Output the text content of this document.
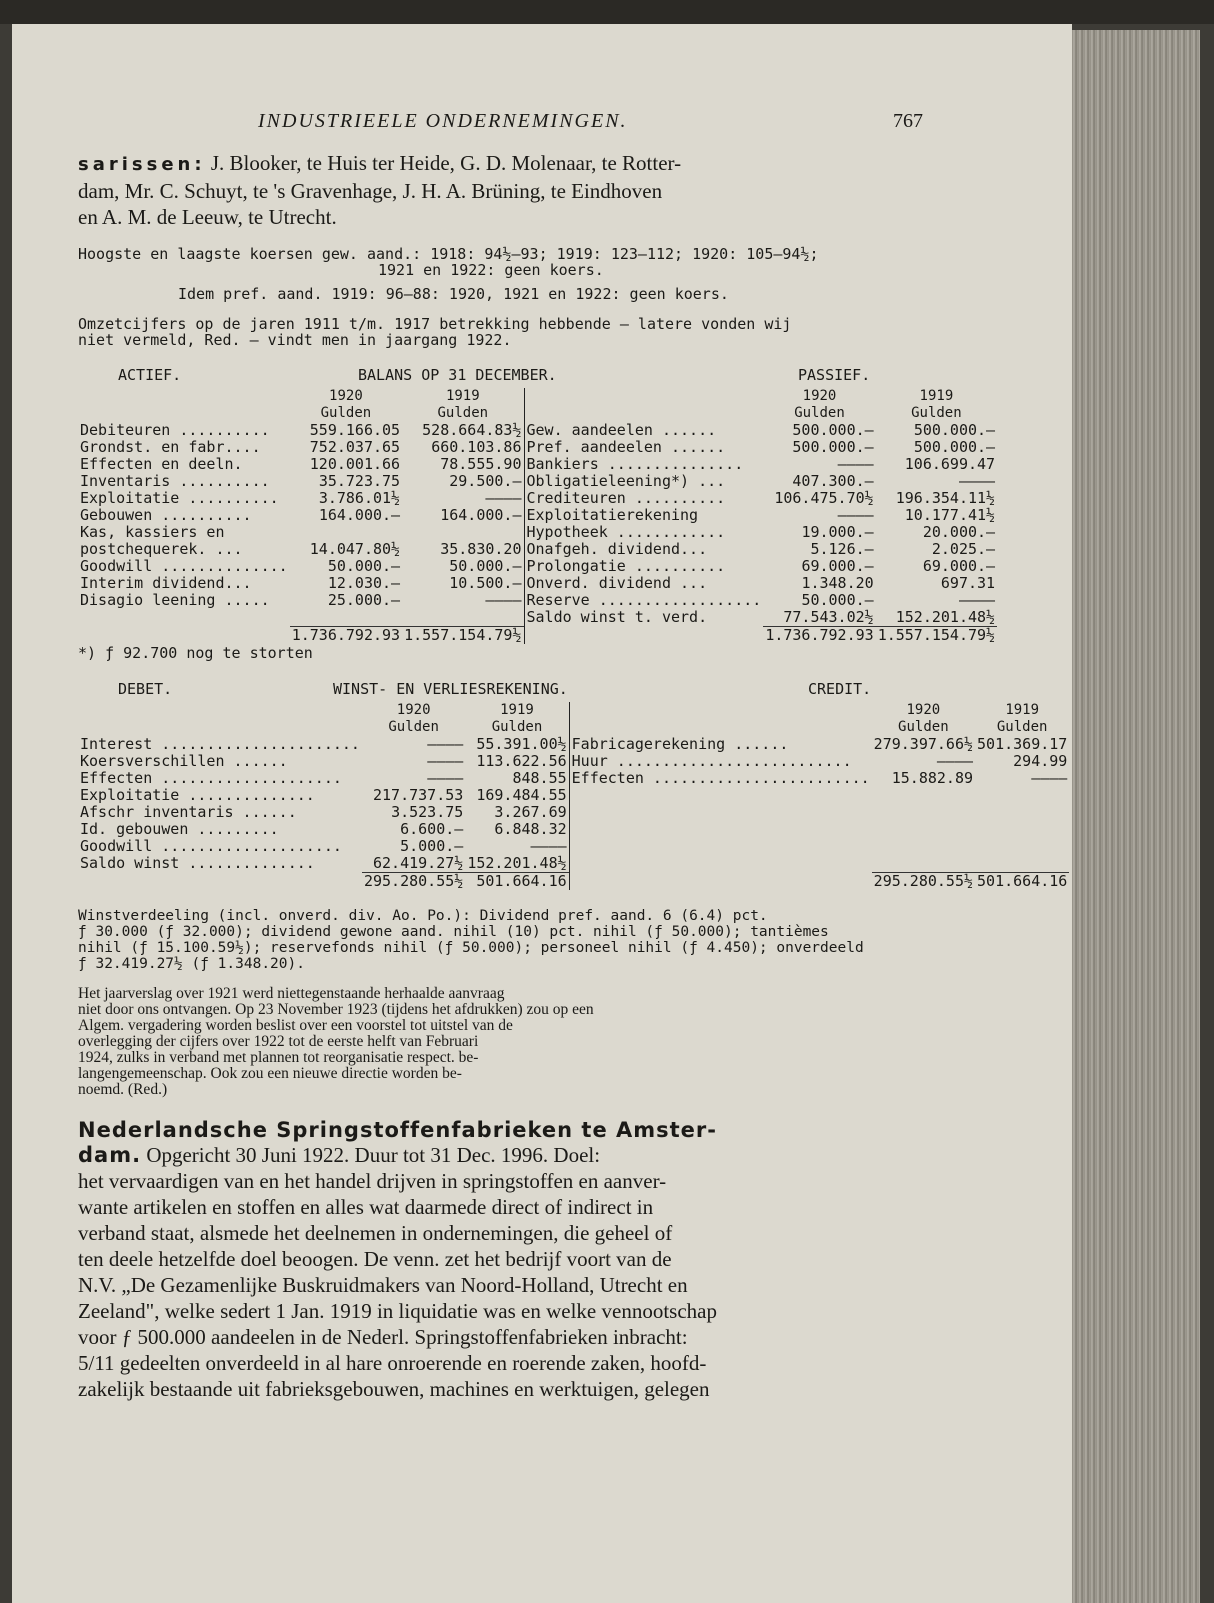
INDUSTRIEELE ONDERNEMINGEN.	767
sarissen: J. Blooker, te Huis ter Heide, G. D. Molenaar, te Rotter-
dam, Mr. C. Schuyt, te 's Gravenhage, J. H. A. Brüning, te Eindhoven
en A. M. de Leeuw, te Utrecht.
Hoogste en laagste koersen gew. aand.: 1918: 94½—93; 1919: 123—112; 1920: 105—94½;
1921 en 1922: geen koers.
Idem pref. aand. 1919: 96—88: 1920, 1921 en 1922: geen koers.
Omzetcijfers op de jaren 1911 t/m. 1917 betrekking hebbende — latere vonden wij
niet vermeld, Red. — vindt men in jaargang 1922.
ACTIEF.	BALANS OP 31 DECEMBER.	PASSIEF.
	1920	1919		1920	1919
	Gulden	Gulden		Gulden	Gulden
Debiteuren ..........	559.166.05	528.664.83½	Gew. aandeelen ......	500.000.—	500.000.—
Grondst. en fabr....	752.037.65	660.103.86	Pref. aandeelen ......	500.000.—	500.000.—
Effecten en deeln.	120.001.66	78.555.90	Bankiers ...............	————	106.699.47
Inventaris ..........	35.723.75	29.500.—	Obligatieleening*) ...	407.300.—	————
Exploitatie ..........	3.786.01½	————	Crediteuren ..........	106.475.70½	196.354.11½
Gebouwen ..........	164.000.—	164.000.—	Exploitatierekening	————	10.177.41½
Kas, kassiers en			Hypotheek ............	19.000.—	20.000.—
postchequerek. ...	14.047.80½	35.830.20	Onafgeh. dividend...	5.126.—	2.025.—
Goodwill ..............	50.000.—	50.000.—	Prolongatie ..........	69.000.—	69.000.—
Interim dividend...	12.030.—	10.500.—	Onverd. dividend ...	1.348.20	697.31
Disagio leening .....	25.000.—	————	Reserve ..................	50.000.—	————
			Saldo winst t. verd.	77.543.02½	152.201.48½
	1.736.792.93	1.557.154.79½		1.736.792.93	1.557.154.79½
*) ƒ 92.700 nog te storten
DEBET.	WINST- EN VERLIESREKENING.	CREDIT.
	1920	1919		1920	1919
	Gulden	Gulden		Gulden	Gulden
Interest ......................	————	55.391.00½	Fabricagerekening ......	279.397.66½	501.369.17
Koersverschillen ......	————	113.622.56	Huur ..........................	————	294.99
Effecten ....................	————	848.55	Effecten ........................	15.882.89	————
Exploitatie ..............	217.737.53	169.484.55			
Afschr inventaris ......	3.523.75	3.267.69			
Id. gebouwen .........	6.600.—	6.848.32			
Goodwill ....................	5.000.—	————			
Saldo winst ..............	62.419.27½	152.201.48½			
	295.280.55½	501.664.16		295.280.55½	501.664.16
Winstverdeeling (incl. onverd. div. Ao. Po.): Dividend pref. aand. 6 (6.4) pct.
ƒ 30.000 (ƒ 32.000); dividend gewone aand. nihil (10) pct. nihil (ƒ 50.000); tantièmes
nihil (ƒ 15.100.59½); reservefonds nihil (ƒ 50.000); personeel nihil (ƒ 4.450); onverdeeld
ƒ 32.419.27½ (ƒ 1.348.20).
Het jaarverslag over 1921 werd niettegenstaande herhaalde aanvraag
niet door ons ontvangen. Op 23 November 1923 (tijdens het afdrukken) zou op een
Algem. vergadering worden beslist over een voorstel tot uitstel van de
overlegging der cijfers over 1922 tot de eerste helft van Februari
1924, zulks in verband met plannen tot reorganisatie respect. be-
langengemeenschap. Ook zou een nieuwe directie worden be-
noemd. (Red.)
Nederlandsche Springstoffenfabrieken te Amster-
dam. Opgericht 30 Juni 1922. Duur tot 31 Dec. 1996. Doel:
het vervaardigen van en het handel drijven in springstoffen en aanver-
wante artikelen en stoffen en alles wat daarmede direct of indirect in
verband staat, alsmede het deelnemen in ondernemingen, die geheel of
ten deele hetzelfde doel beoogen. De venn. zet het bedrijf voort van de
N.V. „De Gezamenlijke Buskruidmakers van Noord-Holland, Utrecht en
Zeeland", welke sedert 1 Jan. 1919 in liquidatie was en welke vennootschap
voor ƒ 500.000 aandeelen in de Nederl. Springstoffenfabrieken inbracht:
5/11 gedeelten onverdeeld in al hare onroerende en roerende zaken, hoofd-
zakelijk bestaande uit fabrieksgebouwen, machines en werktuigen, gelegen
